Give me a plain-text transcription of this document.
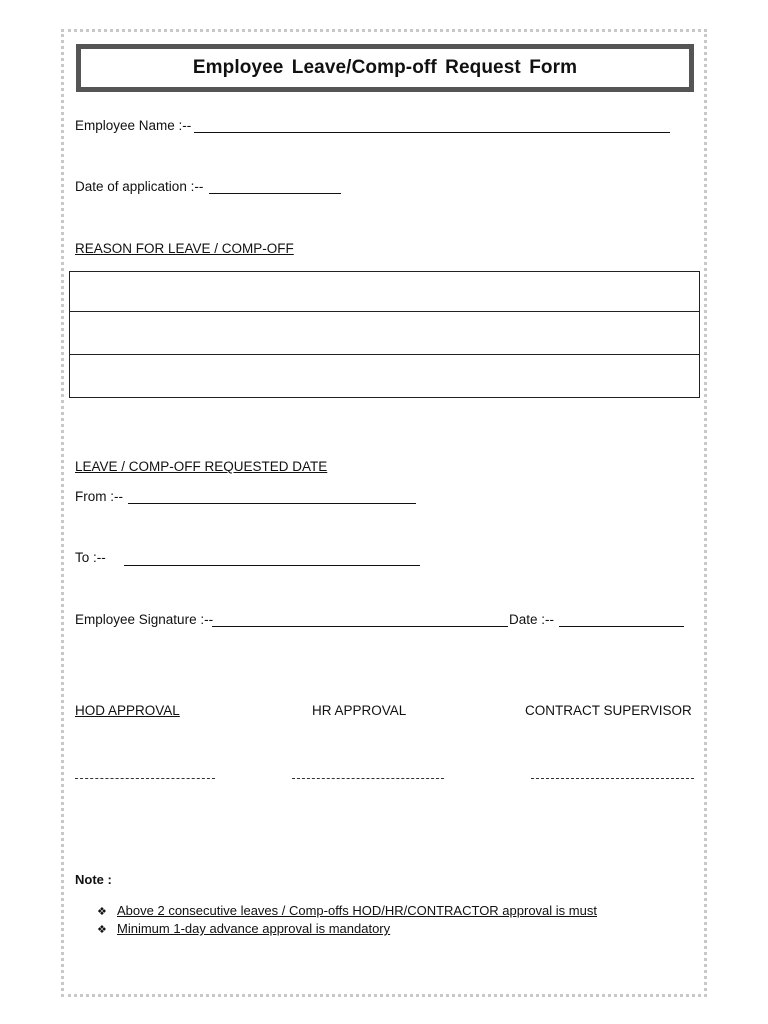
Employee Leave/Comp-off Request Form
Employee Name :--
Date of application :--
REASON FOR LEAVE / COMP-OFF
LEAVE / COMP-OFF REQUESTED DATE
From :--
To :--
Employee Signature :--	Date :--
HOD APPROVAL	HR APPROVAL	CONTRACT SUPERVISOR
Note :
❖ Above 2 consecutive leaves / Comp-offs HOD/HR/CONTRACTOR approval is must
❖ Minimum 1-day advance approval is mandatory
